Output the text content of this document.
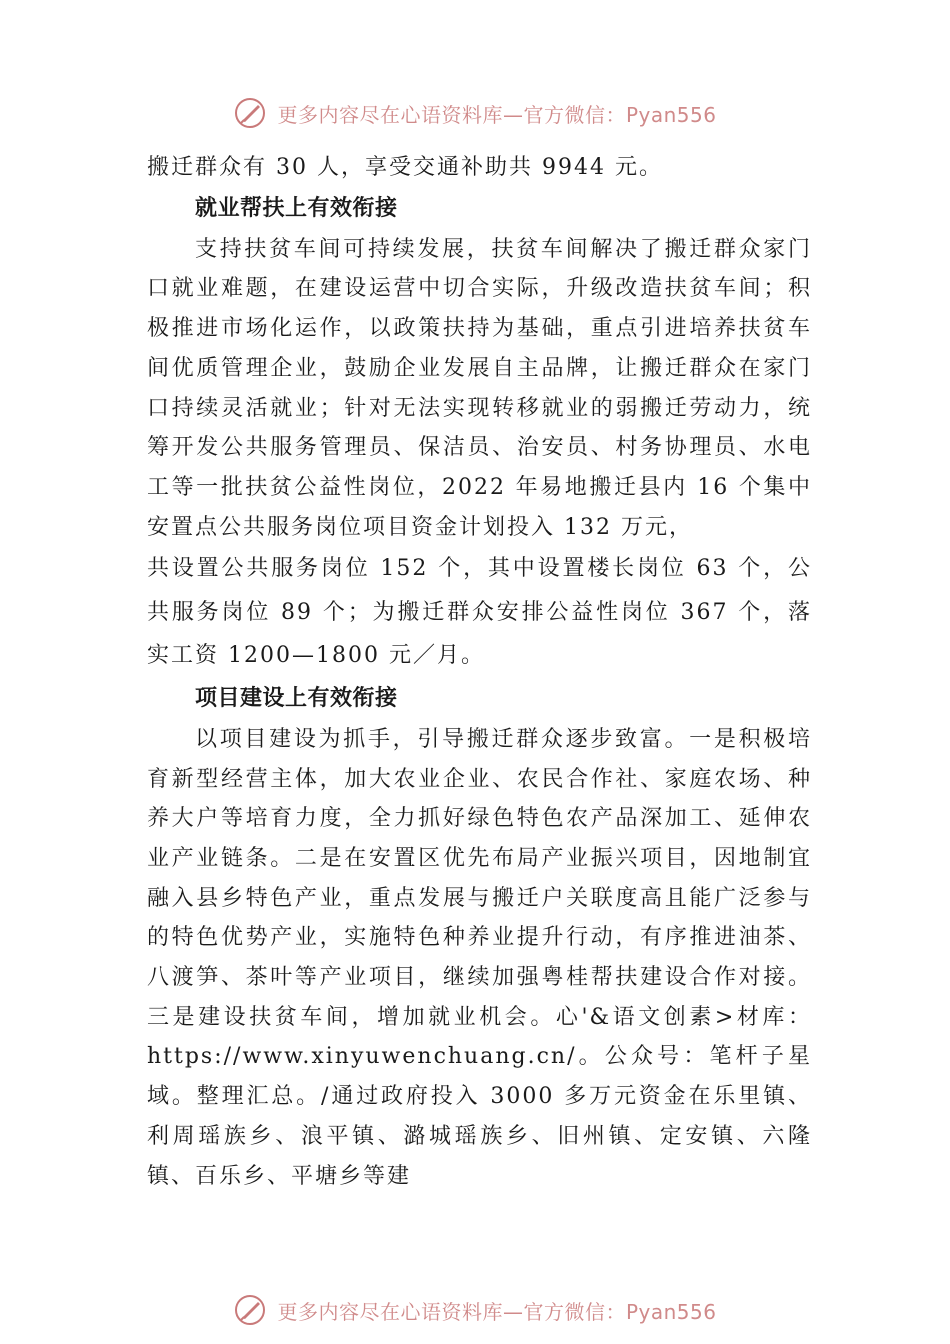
更多内容尽在心语资料库—官方微信：Pyan556

搬迁群众有 30 人，享受交通补助共 9944 元。

就业帮扶上有效衔接

支持扶贫车间可持续发展，扶贫车间解决了搬迁群众家门口就业难题，在建设运营中切合实际，升级改造扶贫车间；积极推进市场化运作，以政策扶持为基础，重点引进培养扶贫车间优质管理企业，鼓励企业发展自主品牌，让搬迁群众在家门口持续灵活就业；针对无法实现转移就业的弱搬迁劳动力，统筹开发公共服务管理员、保洁员、治安员、村务协理员、水电工等一批扶贫公益性岗位，2022 年易地搬迁县内 16 个集中安置点公共服务岗位项目资金计划投入 132 万元，

共设置公共服务岗位 152 个，其中设置楼长岗位 63 个，公共服务岗位 89 个；为搬迁群众安排公益性岗位 367 个，落实工资 1200—1800 元／月。

项目建设上有效衔接

以项目建设为抓手，引导搬迁群众逐步致富。一是积极培育新型经营主体，加大农业企业、农民合作社、家庭农场、种养大户等培育力度，全力抓好绿色特色农产品深加工、延伸农业产业链条。二是在安置区优先布局产业振兴项目，因地制宜融入县乡特色产业，重点发展与搬迁户关联度高且能广泛参与的特色优势产业，实施特色种养业提升行动，有序推进油茶、八渡笋、茶叶等产业项目，继续加强粤桂帮扶建设合作对接。三是建设扶贫车间，增加就业机会。心'&语文创素>材库：https://www.xinyuwenchuang.cn/。公众号：笔杆子星域。整理汇总。/通过政府投入 3000 多万元资金在乐里镇、利周瑶族乡、浪平镇、潞城瑶族乡、旧州镇、定安镇、六隆镇、百乐乡、平塘乡等建

更多内容尽在心语资料库—官方微信：Pyan556
